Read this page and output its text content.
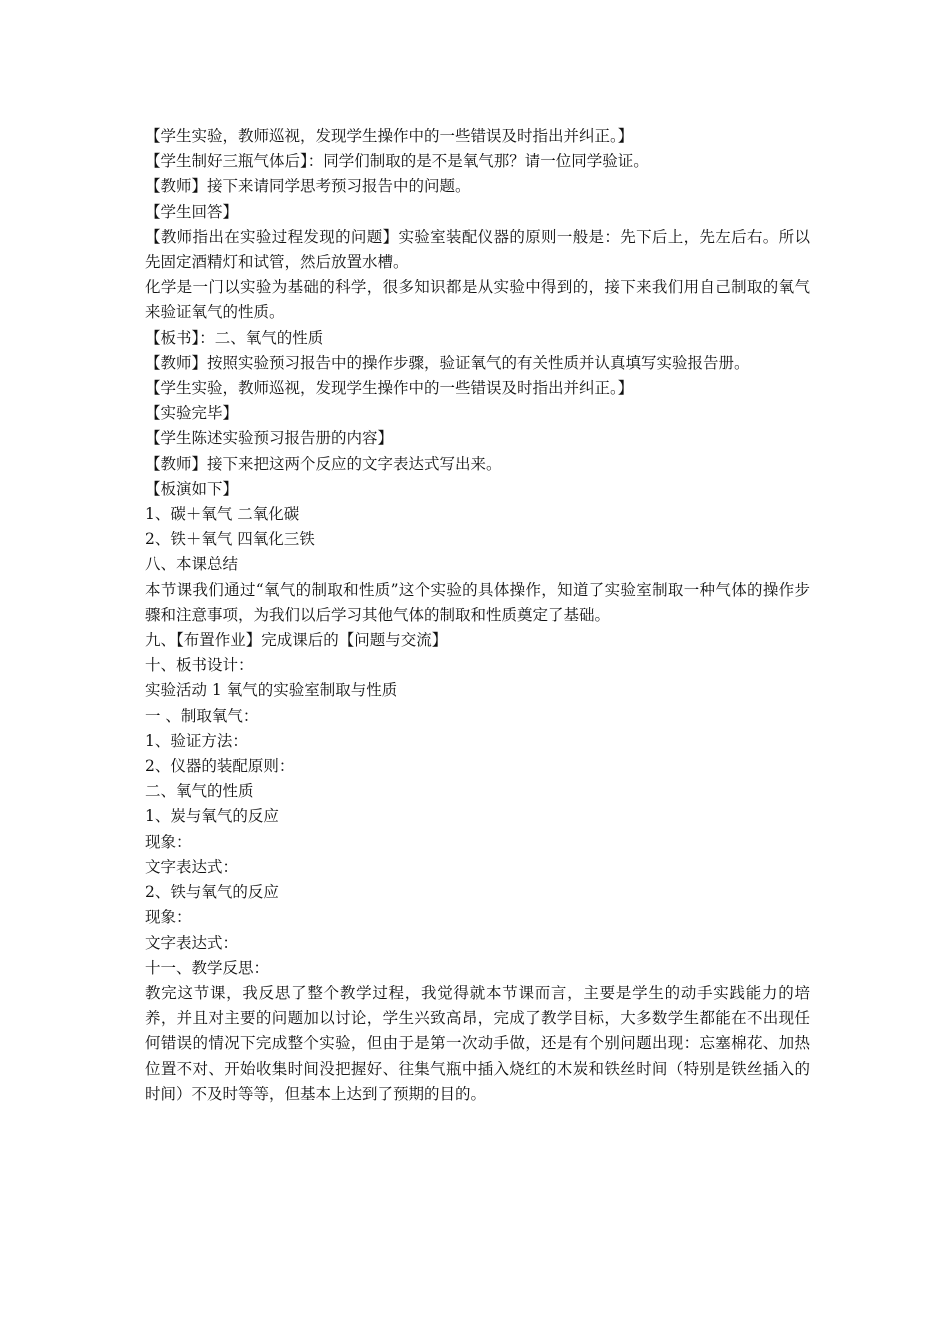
【学生实验，教师巡视，发现学生操作中的一些错误及时指出并纠正。】
【学生制好三瓶气体后】：同学们制取的是不是氧气那？请一位同学验证。
【教师】接下来请同学思考预习报告中的问题。
【学生回答】
【教师指出在实验过程发现的问题】实验室装配仪器的原则一般是：先下后上，先左后右。所以先固定酒精灯和试管，然后放置水槽。
化学是一门以实验为基础的科学，很多知识都是从实验中得到的，接下来我们用自己制取的氧气来验证氧气的性质。
【板书】：二、氧气的性质
【教师】按照实验预习报告中的操作步骤，验证氧气的有关性质并认真填写实验报告册。
【学生实验，教师巡视，发现学生操作中的一些错误及时指出并纠正。】
【实验完毕】
【学生陈述实验预习报告册的内容】
【教师】接下来把这两个反应的文字表达式写出来。
【板演如下】
1、碳＋氧气 二氧化碳
2、铁＋氧气 四氧化三铁
八、本课总结
本节课我们通过“氧气的制取和性质”这个实验的具体操作，知道了实验室制取一种气体的操作步骤和注意事项，为我们以后学习其他气体的制取和性质奠定了基础。
九、【布置作业】完成课后的【问题与交流】
十、板书设计：
实验活动 1 氧气的实验室制取与性质
一 、制取氧气：
1、验证方法：
2、仪器的装配原则：
二、氧气的性质
1、炭与氧气的反应
现象：
文字表达式：
2、铁与氧气的反应
现象：
文字表达式：
十一、教学反思：
教完这节课，我反思了整个教学过程，我觉得就本节课而言，主要是学生的动手实践能力的培养，并且对主要的问题加以讨论，学生兴致高昂，完成了教学目标，大多数学生都能在不出现任何错误的情况下完成整个实验，但由于是第一次动手做，还是有个别问题出现：忘塞棉花、加热位置不对、开始收集时间没把握好、往集气瓶中插入烧红的木炭和铁丝时间（特别是铁丝插入的时间）不及时等等，但基本上达到了预期的目的。
